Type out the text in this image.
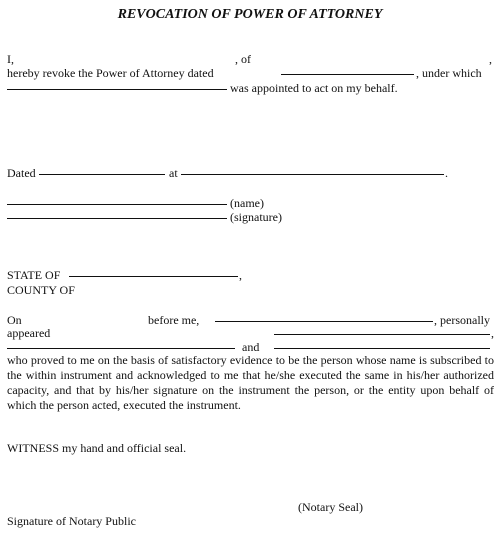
REVOCATION OF POWER OF ATTORNEY
I,	, of	,
hereby revoke the Power of Attorney dated	, under which
was appointed to act on my behalf.
Dated	at	.
(name)
(signature)
STATE OF	,
COUNTY OF
On	before me,	, personally
appeared	,
and
who proved to me on the basis of satisfactory evidence to be the person whose name is subscribed to the within instrument and acknowledged to me that he/she executed the same in his/her authorized capacity, and that by his/her signature on the instrument the person, or the entity upon behalf of which the person acted, executed the instrument.
WITNESS my hand and official seal.
(Notary Seal)
Signature of Notary Public
